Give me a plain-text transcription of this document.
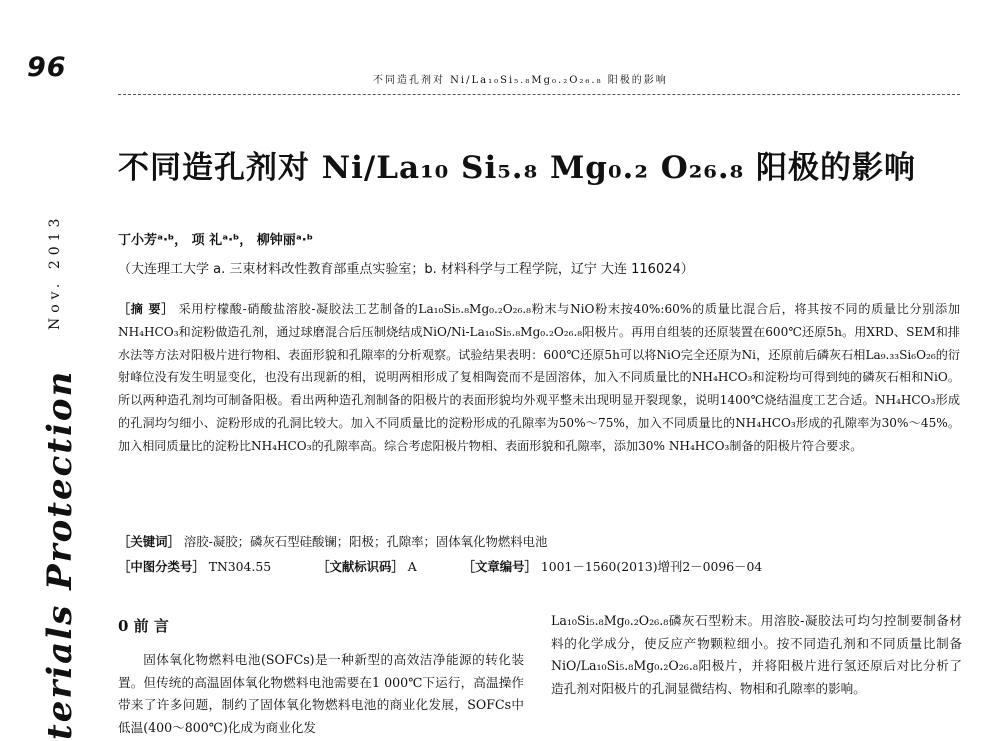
96	不同造孔剂对 Ni/La₁₀Si₅.₈Mg₀.₂O₂₆.₈ 阳极的影响
Nov. 2013
terials Protection
不同造孔剂对 Ni/La₁₀ Si₅.₈ Mg₀.₂ O₂₆.₈ 阳极的影响
丁小芳ᵃ·ᵇ， 项 礼ᵃ·ᵇ， 柳钟丽ᵃ·ᵇ
（大连理工大学 a. 三束材料改性教育部重点实验室；b. 材料科学与工程学院，辽宁 大连 116024）
［摘 要］ 采用柠檬酸-硝酸盐溶胶-凝胶法工艺制备的La₁₀Si₅.₈Mg₀.₂O₂₆.₈粉末与NiO粉末按40%:60%的质量比混合后，将其按不同的质量比分别添加NH₄HCO₃和淀粉做造孔剂，通过球磨混合后压制烧结成NiO/Ni-La₁₀Si₅.₈Mg₀.₂O₂₆.₈阳极片。再用自组装的还原装置在600℃还原5h。用XRD、SEM和排水法等方法对阳极片进行物相、表面形貌和孔隙率的分析观察。试验结果表明：600℃还原5h可以将NiO完全还原为Ni，还原前后磷灰石相La₉.₃₃Si₆O₂₆的衍射峰位没有发生明显变化，也没有出现新的相，说明两相形成了复相陶瓷而不是固溶体，加入不同质量比的NH₄HCO₃和淀粉均可得到纯的磷灰石相和NiO。所以两种造孔剂均可制备阳极。看出两种造孔剂制备的阳极片的表面形貌均外观平整未出现明显开裂现象，说明1400℃烧结温度工艺合适。NH₄HCO₃形成的孔洞均匀细小、淀粉形成的孔洞比较大。加入不同质量比的淀粉形成的孔隙率为50%～75%，加入不同质量比的NH₄HCO₃形成的孔隙率为30%～45%。加入相同质量比的淀粉比NH₄HCO₃的孔隙率高。综合考虑阳极片物相、表面形貌和孔隙率，添加30% NH₄HCO₃制备的阳极片符合要求。
［关键词］ 溶胶-凝胶；磷灰石型硅酸镧；阳极；孔隙率；固体氧化物燃料电池
［中图分类号］ TN304.55	［文献标识码］ A	［文章编号］ 1001－1560(2013)增刊2－0096－04
0 前 言
固体氧化物燃料电池(SOFCs)是一种新型的高效洁净能源的转化装置。但传统的高温固体氧化物燃料电池需要在1 000℃下运行，高温操作带来了许多问题，制约了固体氧化物燃料电池的商业化发展，SOFCs中低温(400～800℃)化成为商业化发
La₁₀Si₅.₈Mg₀.₂O₂₆.₈磷灰石型粉末。用溶胶-凝胶法可均匀控制要制备材料的化学成分，使反应产物颗粒细小。按不同造孔剂和不同质量比制备NiO/La₁₀Si₅.₈Mg₀.₂O₂₆.₈阳极片，并将阳极片进行氢还原后对比分析了造孔剂对阳极片的孔洞显微结构、物相和孔隙率的影响。
